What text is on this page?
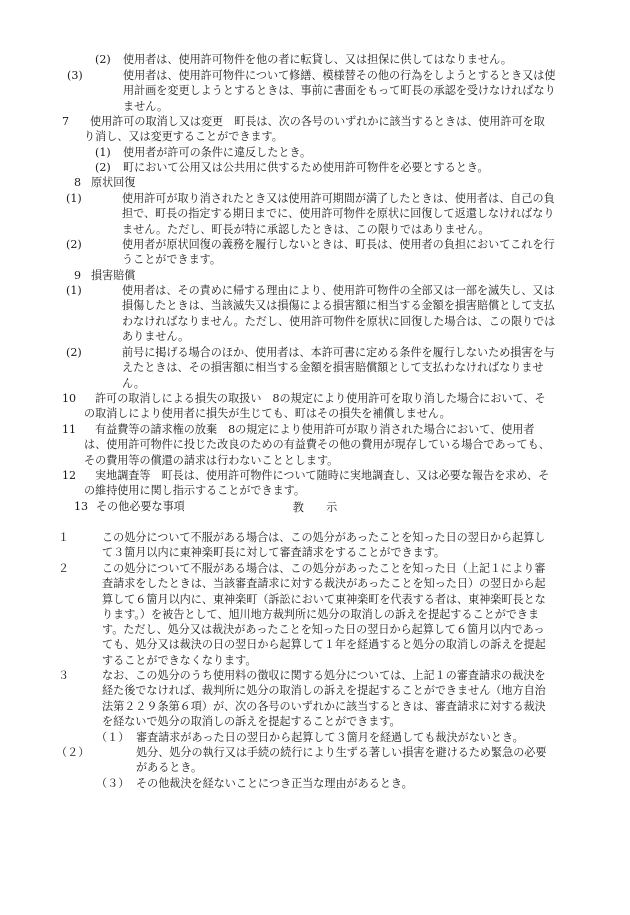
(2) 使用者は、使用許可物件を他の者に転貸し、又は担保に供してはなりません。

(3)	使用者は、使用許可物件について修繕、模様替その他の行為をしようとするとき又は使用計画を変更しようとするときは、事前に書面をもって町長の承認を受けなければなりません。

7 使用許可の取消し又は変更　町長は、次の各号のいずれかに該当するときは、使用許可を取り消し、又は変更することができます。

(1) 使用者が許可の条件に違反したとき。

(2) 町において公用又は公共用に供するため使用許可物件を必要とするとき。

8 原状回復

(1)	使用許可が取り消されたとき又は使用許可期間が満了したときは、使用者は、自己の負担で、町長の指定する期日までに、使用許可物件を原状に回復して返還しなければなりません。ただし、町長が特に承認したときは、この限りではありません。

(2)	使用者が原状回復の義務を履行しないときは、町長は、使用者の負担においてこれを行うことができます。

9 損害賠償

(1)	使用者は、その責めに帰する理由により、使用許可物件の全部又は一部を滅失し、又は損傷したときは、当該滅失又は損傷による損害額に相当する金額を損害賠償として支払わなければなりません。ただし、使用許可物件を原状に回復した場合は、この限りではありません。

(2)	前号に掲げる場合のほか、使用者は、本許可書に定める条件を履行しないため損害を与えたときは、その損害額に相当する金額を損害賠償額として支払わなければなりません。

10 許可の取消しによる損失の取扱い　8の規定により使用許可を取り消した場合において、その取消しにより使用者に損失が生じても、町はその損失を補償しません。

11 有益費等の請求権の放棄　8の規定により使用許可が取り消された場合において、使用者は、使用許可物件に投じた改良のための有益費その他の費用が現存している場合であっても、その費用等の償還の請求は行わないこととします。

12 実地調査等　町長は、使用許可物件について随時に実地調査し、又は必要な報告を求め、その維持使用に関し指示することができます。

13 その他必要な事項	教　　示

１	この処分について不服がある場合は、この処分があったことを知った日の翌日から起算して３箇月以内に東神楽町長に対して審査請求をすることができます。

２	この処分について不服がある場合は、この処分があったことを知った日（上記１により審査請求をしたときは、当該審査請求に対する裁決があったことを知った日）の翌日から起算して６箇月以内に、東神楽町（訴訟において東神楽町を代表する者は、東神楽町長となります。）を被告として、旭川地方裁判所に処分の取消しの訴えを提起することができます。ただし、処分又は裁決があったことを知った日の翌日から起算して６箇月以内であっても、処分又は裁決の日の翌日から起算して１年を経過すると処分の取消しの訴えを提起することができなくなります。

３	なお、この処分のうち使用料の徴収に関する処分については、上記１の審査請求の裁決を経た後でなければ、裁判所に処分の取消しの訴えを提起することができません（地方自治法第２２９条第６項）が、次の各号のいずれかに該当するときは、審査請求に対する裁決を経ないで処分の取消しの訴えを提起することができます。

（１） 審査請求があった日の翌日から起算して３箇月を経過しても裁決がないとき。

（２）	処分、処分の執行又は手続の続行により生ずる著しい損害を避けるため緊急の必要があるとき。

（３） その他裁決を経ないことにつき正当な理由があるとき。
